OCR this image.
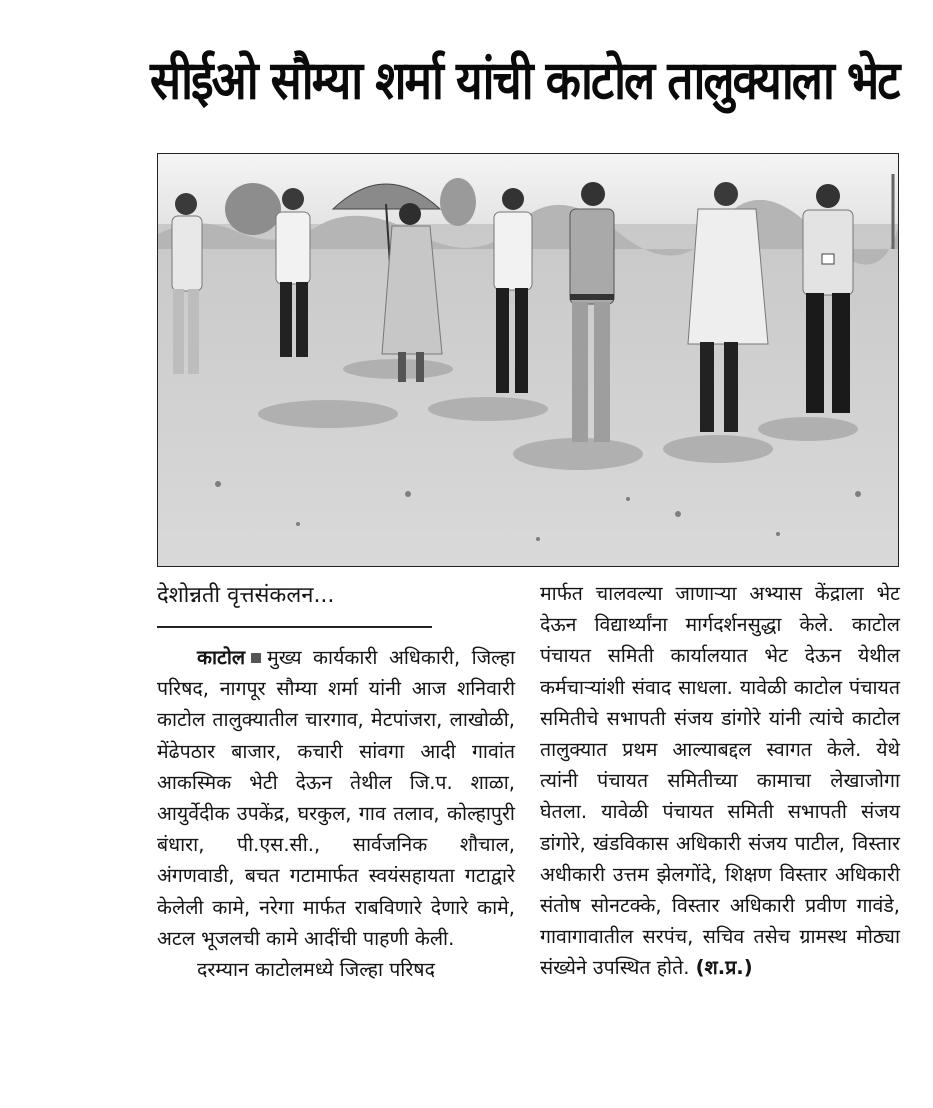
सीईओ सौम्या शर्मा यांची काटोल तालुक्याला भेट
देशोन्नती वृत्तसंकलन...

काटोल मुख्य कार्यकारी अधिकारी, जिल्हा परिषद, नागपूर सौम्या शर्मा यांनी आज शनिवारी काटोल तालुक्यातील चारगाव, मेटपांजरा, लाखोळी, मेंढेपठार बाजार, कचारी सांवगा आदी गावांत आकस्मिक भेटी देऊन तेथील जि.प. शाळा, आयुर्वेदीक उपकेंद्र, घरकुल, गाव तलाव, कोल्हापुरी बंधारा, पी.एस.सी., सार्वजनिक शौचाल, अंगणवाडी, बचत गटामार्फत स्वयंसहायता गटाद्वारे केलेली कामे, नरेगा मार्फत राबविणारे देणारे कामे, अटल भूजलची कामे आदींची पाहणी केली.

दरम्यान काटोलमध्ये जिल्हा परिषद

मार्फत चालवल्या जाणाऱ्या अभ्यास केंद्राला भेट देऊन विद्यार्थ्यांना मार्गदर्शनसुद्धा केले. काटोल पंचायत समिती कार्यालयात भेट देऊन येथील कर्मचाऱ्यांशी संवाद साधला. यावेळी काटोल पंचायत समितीचे सभापती संजय डांगोरे यांनी त्यांचे काटोल तालुक्यात प्रथम आल्याबद्दल स्वागत केले. येथे त्यांनी पंचायत समितीच्या कामाचा लेखाजोगा घेतला. यावेळी पंचायत समिती सभापती संजय डांगोरे, खंडविकास अधिकारी संजय पाटील, विस्तार अधीकारी उत्तम झेलगोंदे, शिक्षण विस्तार अधिकारी संतोष सोनटक्के, विस्तार अधिकारी प्रवीण गावंडे, गावागावातील सरपंच, सचिव तसेच ग्रामस्थ मोठ्या संख्येने उपस्थित होते. (श.प्र.)
